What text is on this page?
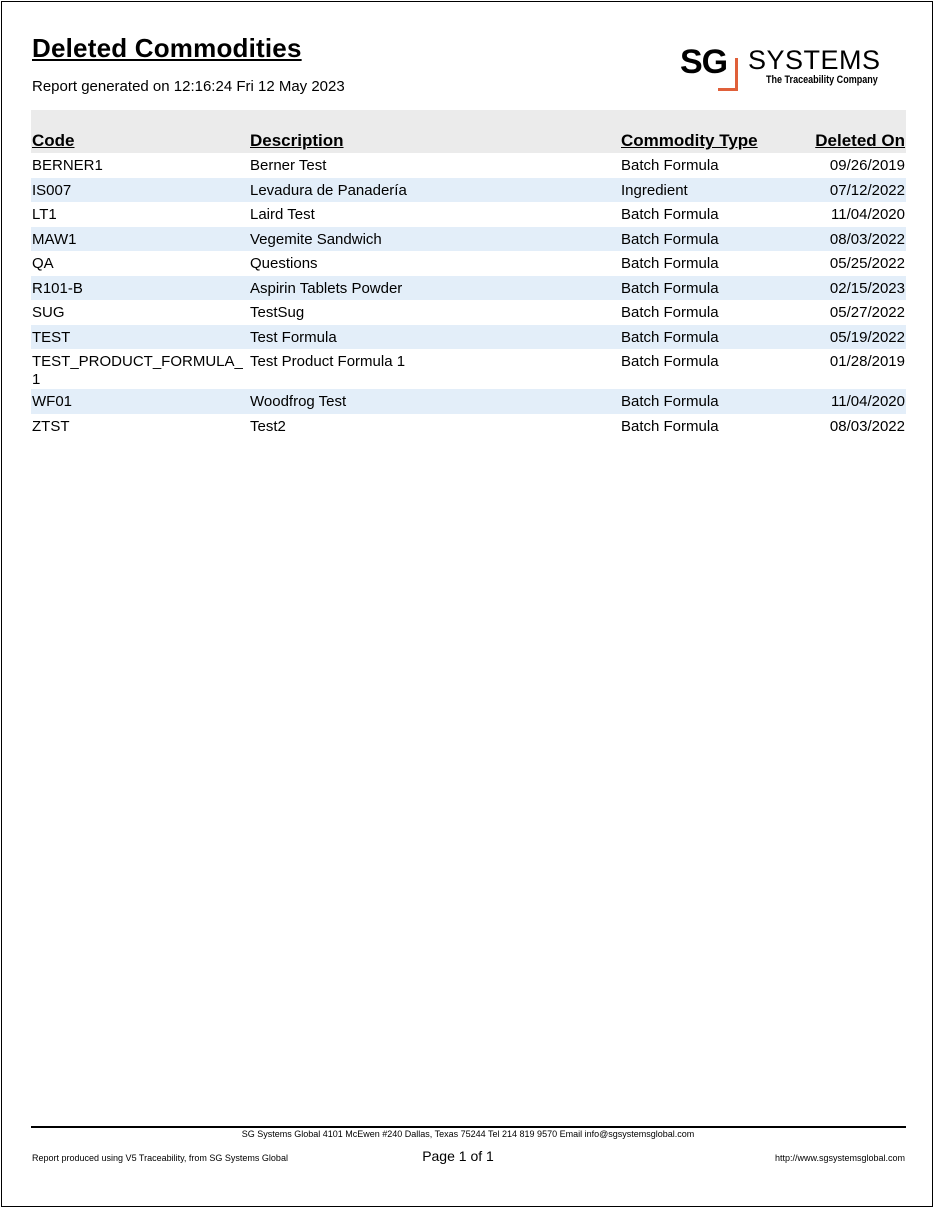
Deleted Commodities
Report generated on 12:16:24 Fri 12 May 2023
SG SYSTEMS
The Traceability Company
Code	Description	Commodity Type	Deleted On

BERNER1	Berner Test	Batch Formula	09/26/2019

IS007	Levadura de Panadería	Ingredient	07/12/2022

LT1	Laird Test	Batch Formula	11/04/2020

MAW1	Vegemite Sandwich	Batch Formula	08/03/2022

QA	Questions	Batch Formula	05/25/2022

R101-B	Aspirin Tablets Powder	Batch Formula	02/15/2023

SUG	TestSug	Batch Formula	05/27/2022

TEST	Test Formula	Batch Formula	05/19/2022

TEST_PRODUCT_FORMULA_1	Test Product Formula 1	Batch Formula	01/28/2019

WF01	Woodfrog Test	Batch Formula	11/04/2020

ZTST	Test2	Batch Formula	08/03/2022
SG Systems Global 4101 McEwen #240 Dallas, Texas 75244 Tel 214 819 9570 Email info@sgsystemsglobal.com
Report produced using V5 Traceability, from SG Systems Global	Page 1 of 1	http://www.sgsystemsglobal.com
